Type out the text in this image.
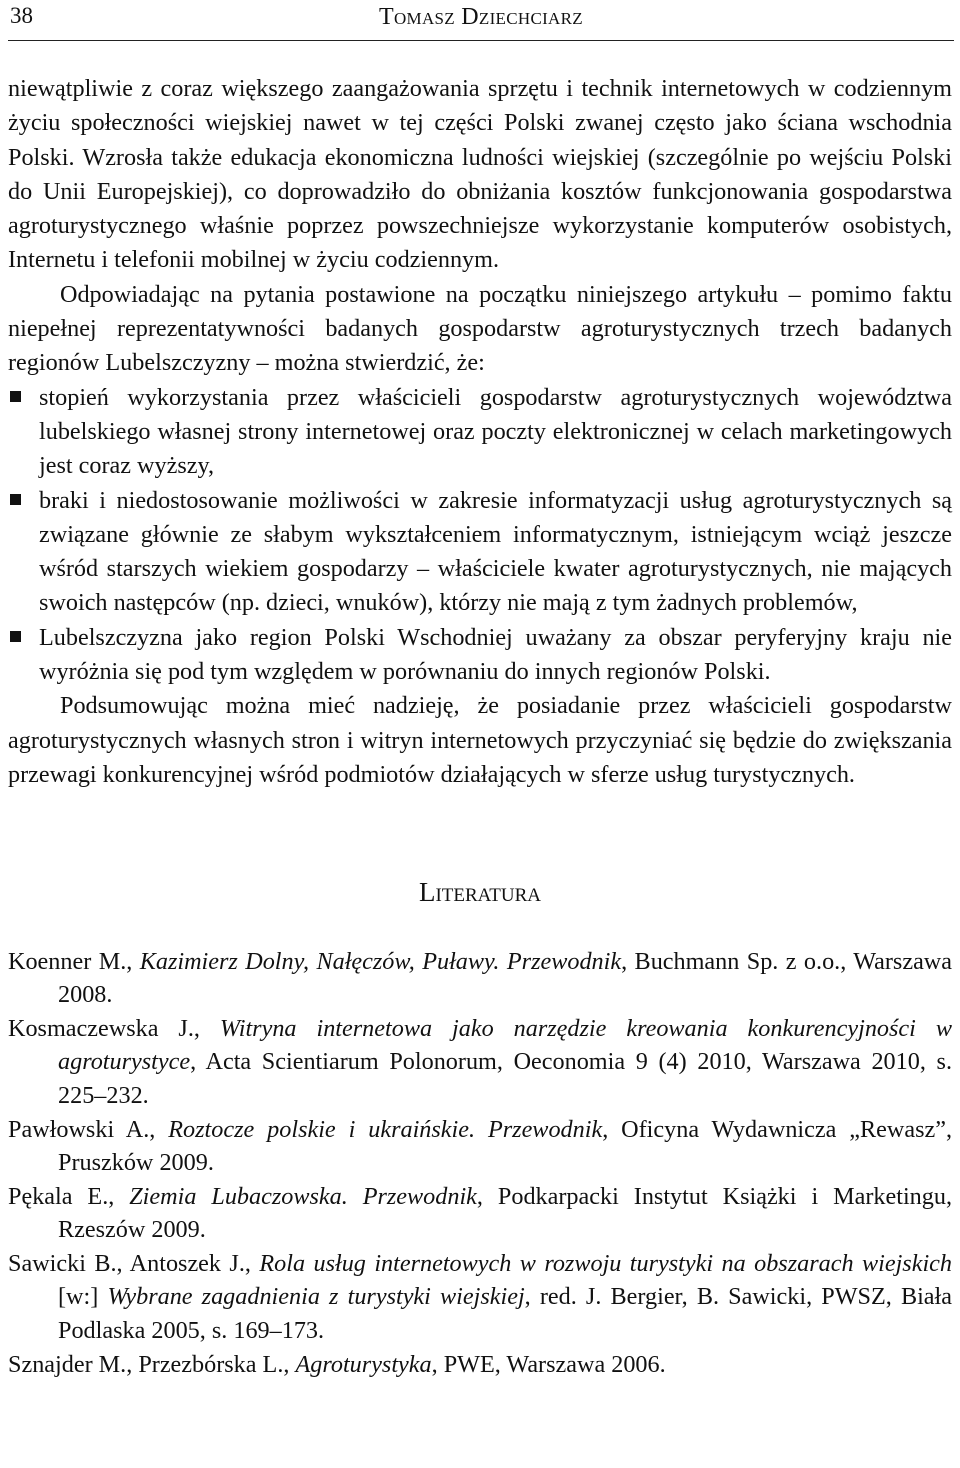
38	Tomasz Dziechciarz

niewątpliwie z coraz większego zaangażowania sprzętu i technik internetowych w codziennym życiu społeczności wiejskiej nawet w tej części Polski zwanej często jako ściana wschodnia Polski. Wzrosła także edukacja ekonomiczna ludności wiejskiej (szczególnie po wejściu Polski do Unii Europejskiej), co doprowadziło do obniżania kosztów funkcjonowania gospodarstwa agroturystycznego właśnie poprzez powszechniejsze wykorzystanie komputerów osobistych, Internetu i telefonii mobilnej w życiu codziennym.

Odpowiadając na pytania postawione na początku niniejszego artykułu – pomimo faktu niepełnej reprezentatywności badanych gospodarstw agroturystycznych trzech badanych regionów Lubelszczyzny – można stwierdzić, że:

stopień wykorzystania przez właścicieli gospodarstw agroturystycznych województwa lubelskiego własnej strony internetowej oraz poczty elektronicznej w celach marketingowych jest coraz wyższy,
braki i niedostosowanie możliwości w zakresie informatyzacji usług agroturystycznych są związane głównie ze słabym wykształceniem informatycznym, istniejącym wciąż jeszcze wśród starszych wiekiem gospodarzy – właściciele kwater agroturystycznych, nie mających swoich następców (np. dzieci, wnuków), którzy nie mają z tym żadnych problemów,
Lubelszczyzna jako region Polski Wschodniej uważany za obszar peryferyjny kraju nie wyróżnia się pod tym względem w porównaniu do innych regionów Polski.

Podsumowując można mieć nadzieję, że posiadanie przez właścicieli gospodarstw agroturystycznych własnych stron i witryn internetowych przyczyniać się będzie do zwiększania przewagi konkurencyjnej wśród podmiotów działających w sferze usług turystycznych.

Literatura

Koenner M., Kazimierz Dolny, Nałęczów, Puławy. Przewodnik, Buchmann Sp. z o.o., Warszawa 2008.

Kosmaczewska J., Witryna internetowa jako narzędzie kreowania konkurencyjności w agroturystyce, Acta Scientiarum Polonorum, Oeconomia 9 (4) 2010, Warszawa 2010, s. 225–232.

Pawłowski A., Roztocze polskie i ukraińskie. Przewodnik, Oficyna Wydawnicza „Rewasz”, Pruszków 2009.

Pękala E., Ziemia Lubaczowska. Przewodnik, Podkarpacki Instytut Książki i Marketingu, Rzeszów 2009.

Sawicki B., Antoszek J., Rola usług internetowych w rozwoju turystyki na obszarach wiejskich [w:] Wybrane zagadnienia z turystyki wiejskiej, red. J. Bergier, B. Sawicki, PWSZ, Biała Podlaska 2005, s. 169–173.

Sznajder M., Przezbórska L., Agroturystyka, PWE, Warszawa 2006.
